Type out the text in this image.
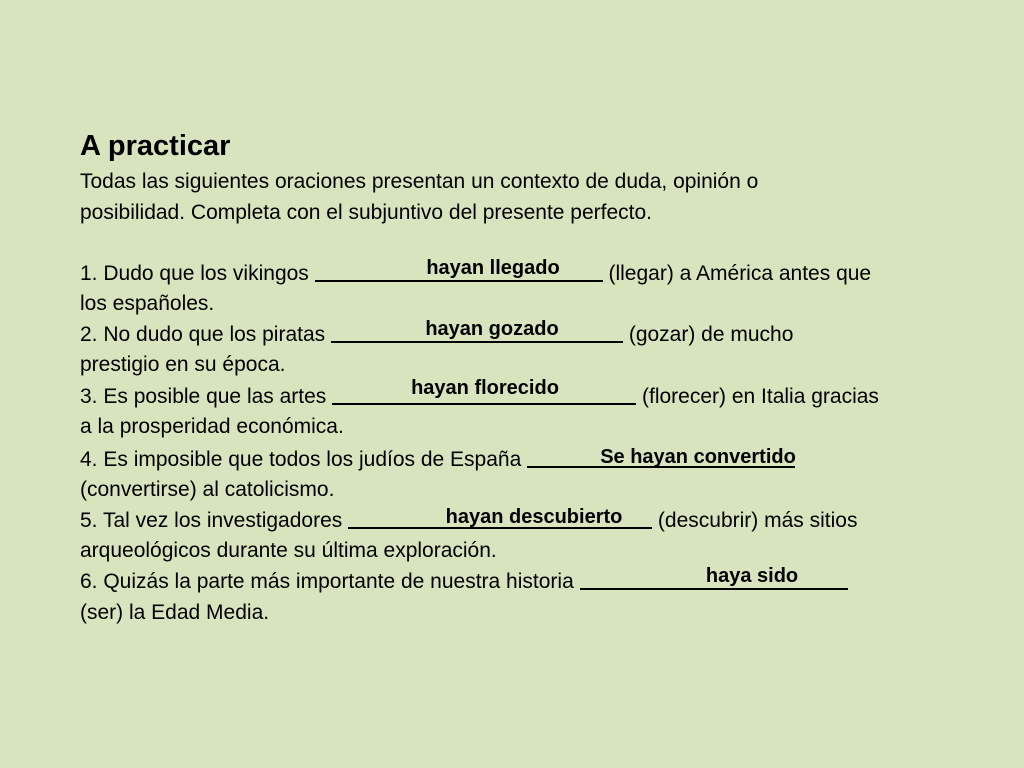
A practicar
Todas las siguientes oraciones presentan un contexto de duda, opinión o
posibilidad. Completa con el subjuntivo del presente perfecto.
1. Dudo que los vikingos	(llegar) a América antes que
hayan llegado
los españoles.
2. No dudo que los piratas	(gozar) de mucho
hayan gozado
prestigio en su época.
3. Es posible que las artes	(florecer) en Italia gracias
hayan florecido
a la prosperidad económica.
4. Es imposible que todos los judíos de España	Se hayan convertido
(convertirse) al catolicismo.
5. Tal vez los investigadores	(descubrir) más sitios
hayan descubierto
arqueológicos durante su última exploración.
6. Quizás la parte más importante de nuestra historia	haya sido
(ser) la Edad Media.
